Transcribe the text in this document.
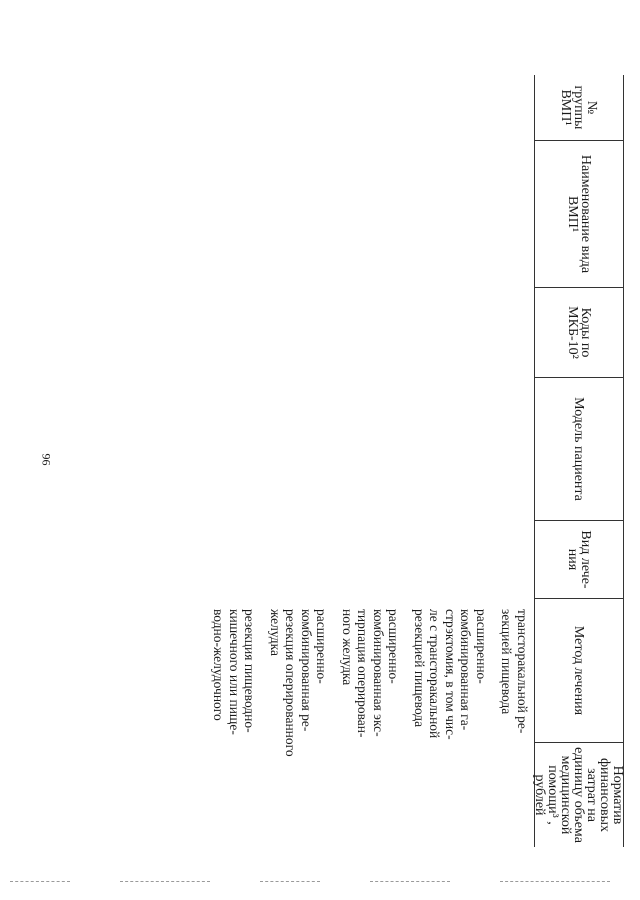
96
№
группы
ВМП¹
Наименование вида
ВМП¹
Коды по
МКБ-10²
Модель пациента
Вид лече-
ния
Метод лечения
Норматив
финансовых
затрат на
единицу объема
медицинской
помощи³ ,
рублей
трансторакальной ре-
зекцией пищевода
расширенно-
комбинированная га-
стрэктомия, в том чис-
ле с трансторакальной
резекцией пищевода
расширенно-
комбинированная экс-
тирпация оперирован-
ного желудка
расширенно-
комбинированная ре-
резекция оперированного
желудка
резекция пищеводно-
кишечного или пище-
водно-желудочного
